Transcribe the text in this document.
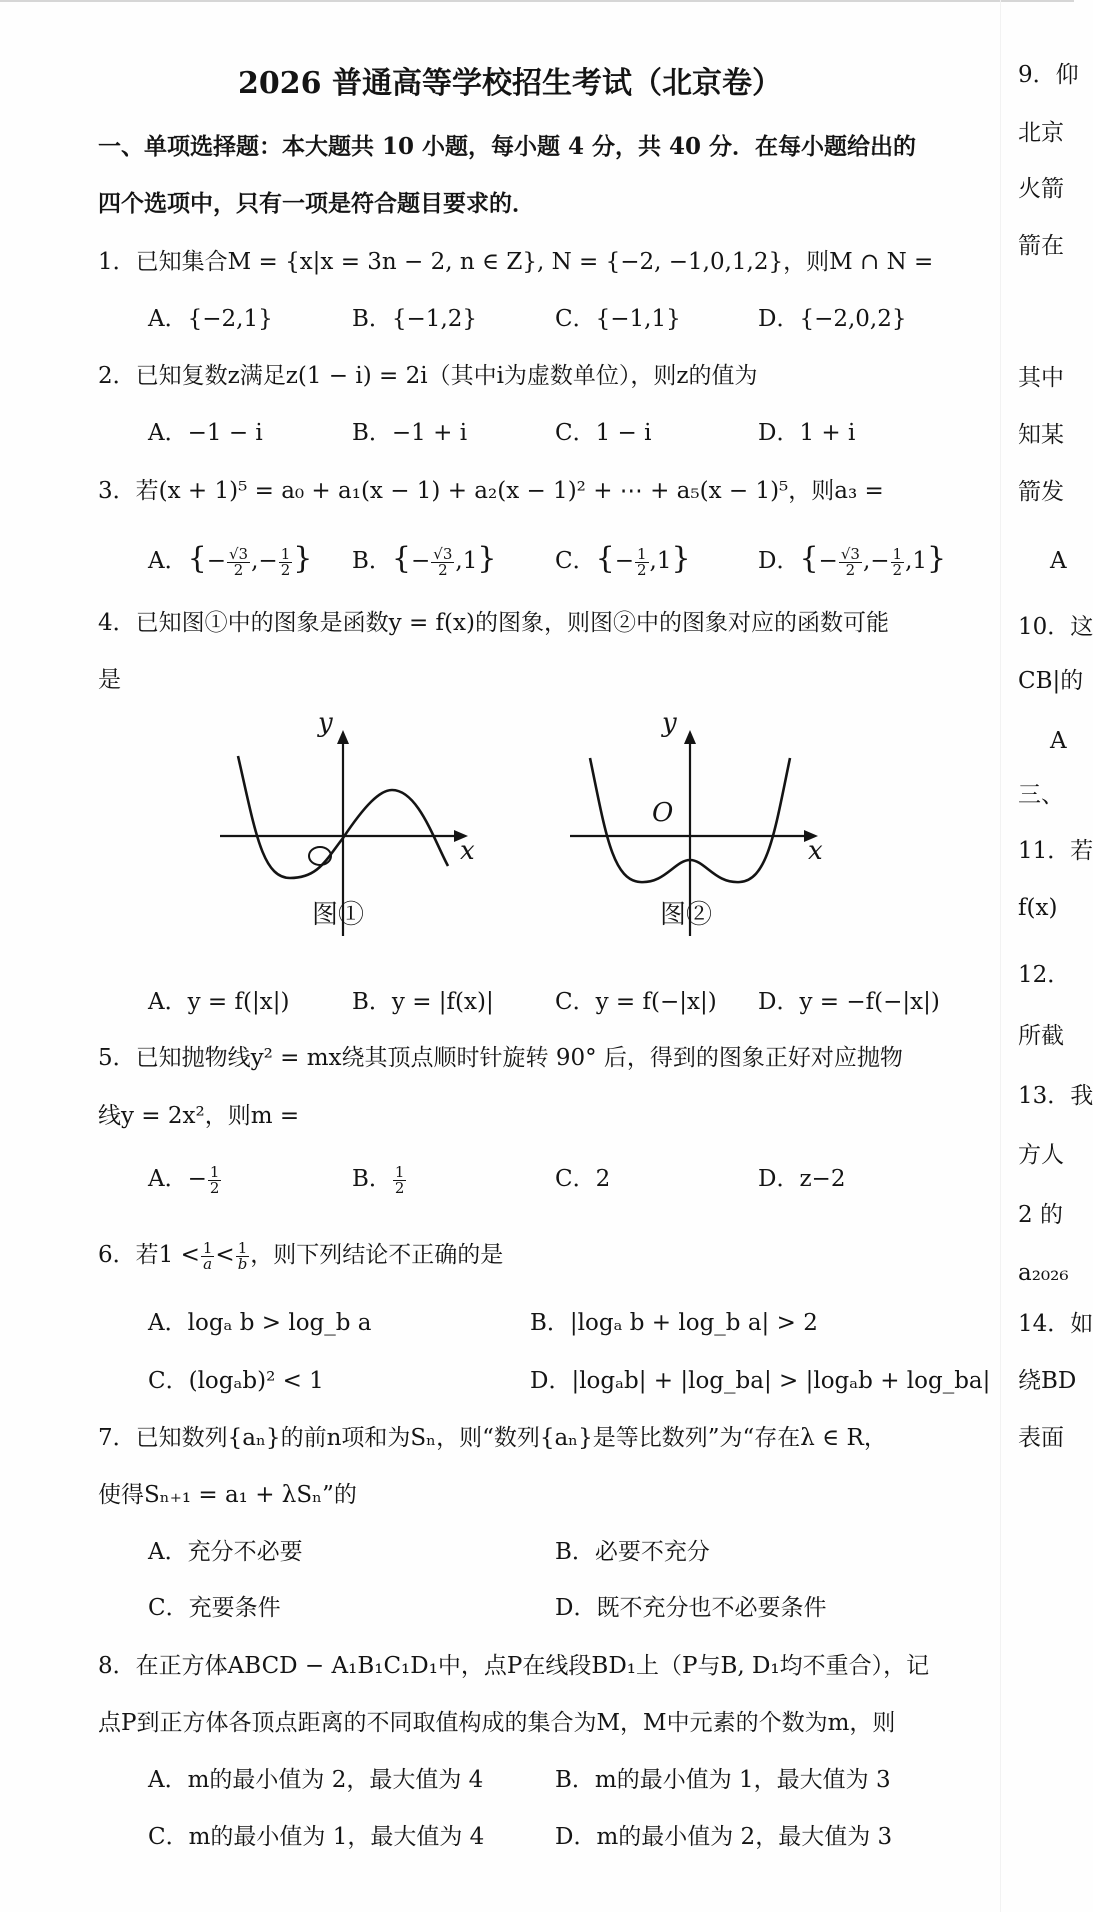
2026 普通高等学校招生考试（北京卷）
一、单项选择题：本大题共 10 小题，每小题 4 分，共 40 分．在每小题给出的
四个选项中，只有一项是符合题目要求的．
1．已知集合M = {x|x = 3n − 2, n ∈ Z}, N = {−2, −1,0,1,2}，则M ∩ N =
A．{−2,1}	B．{−1,2}	C．{−1,1}	D．{−2,0,2}
2．已知复数z满足z(1 − i) = 2i（其中i为虚数单位），则z的值为
A．−1 − i	B．−1 + i	C．1 − i	D．1 + i
3．若(x + 1)⁵ = a₀ + a₁(x − 1) + a₂(x − 1)² + ⋯ + a₅(x − 1)⁵，则a₃ =
A．{− $\frac{√3}{2}$ ,− $\frac{1}{2}$ } B．{− $\frac{√3}{2} ,1$}	C．{− $\frac{1}{2} ,1$}	D．{− $\frac{√3}{2}$ ,− $\frac{1}{2} ,1$}
4．已知图①中的图象是函数y = f(x)的图象，则图②中的图象对应的函数可能
是
y
x
图①
y
O
x
图②
A．y = f(|x|)	B．y = |f(x)|	C．y = f(−|x|) D．y = −f(−|x|)
5．已知抛物线y² = mx绕其顶点顺时针旋转 90° 后，得到的图象正好对应抛物
线y = 2x²，则m =
A．− $\frac{1}{2}$	B． $\frac{1}{2}$	C．2	D．z−2
6．若$1 < \frac{1}{a} < \frac{1}{b}$ ，则下列结论不正确的是
A．logₐ b > log_b a	B．|logₐ b + log_b a| > 2
C．(logₐb)² < 1	D．|logₐb| + |log_ba| > |logₐb + log_ba|
7．已知数列{aₙ}的前n项和为Sₙ，则“数列{aₙ}是等比数列”为“存在λ ∈ R，
使得Sₙ₊₁ = a₁ + λSₙ”的
A．充分不必要	B．必要不充分
C．充要条件	D．既不充分也不必要条件
8．在正方体ABCD − A₁B₁C₁D₁中，点P在线段BD₁上（P与B, D₁均不重合），记
点P到正方体各顶点距离的不同取值构成的集合为M，M中元素的个数为m，则
A．m的最小值为 2，最大值为 4	B．m的最小值为 1，最大值为 3
C．m的最小值为 1，最大值为 4	D．m的最小值为 2，最大值为 3
9．仰
北京
火箭
箭在
其中
知某
箭发
A
10．这
CB|的
A
三、
11．若
f(x)
12．
所截
13．我
方人
2 的
a₂₀₂₆
14．如
绕BD
表面
